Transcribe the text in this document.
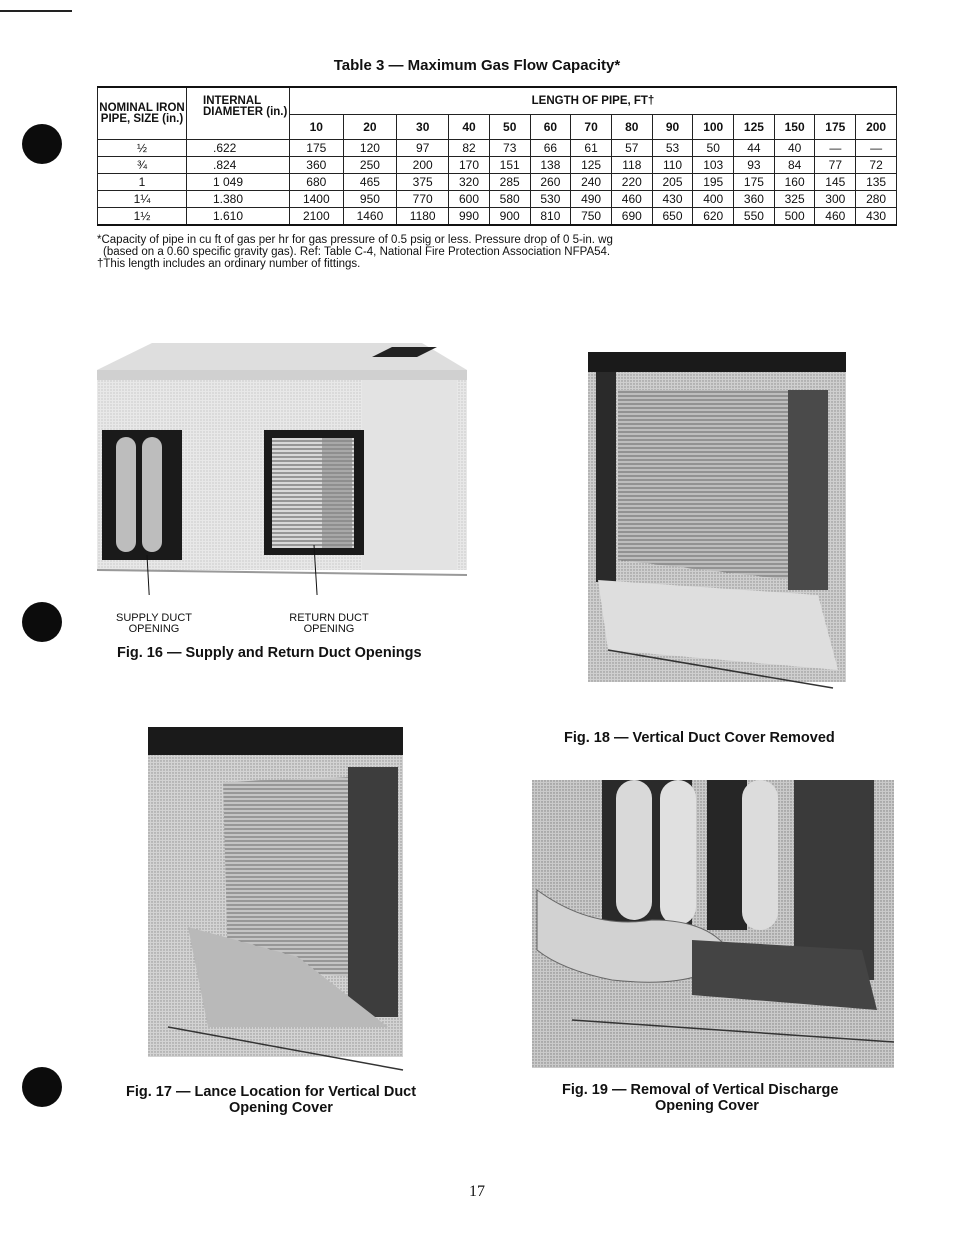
Table 3 — Maximum Gas Flow Capacity*
NOMINAL IRON PIPE, SIZE (in.)	INTERNAL DIAMETER (in.)	LENGTH OF PIPE, FT†													
		10	20	30	40	50	60	70	80	90	100	125	150	175	200
½	.622	175	120	97	82	73	66	61	57	53	50	44	40	—	—
¾	.824	360	250	200	170	151	138	125	118	110	103	93	84	77	72
1	1 049	680	465	375	320	285	260	240	220	205	195	175	160	145	135
1¼	1.380	1400	950	770	600	580	530	490	460	430	400	360	325	300	280
1½	1.610	2100	1460	1180	990	900	810	750	690	650	620	550	500	460	430
*Capacity of pipe in cu ft of gas per hr for gas pressure of 0.5 psig or less. Pressure drop of 0 5-in. wg
(based on a 0.60 specific gravity gas). Ref: Table C-4, National Fire Protection Association NFPA54.
†This length includes an ordinary number of fittings.
SUPPLY DUCT
OPENING
RETURN DUCT
OPENING
Fig. 16 — Supply and Return Duct Openings
Fig. 18 — Vertical Duct Cover Removed
Fig. 17 — Lance Location for Vertical Duct
Opening Cover
Fig. 19 — Removal of Vertical Discharge
Opening Cover
17
